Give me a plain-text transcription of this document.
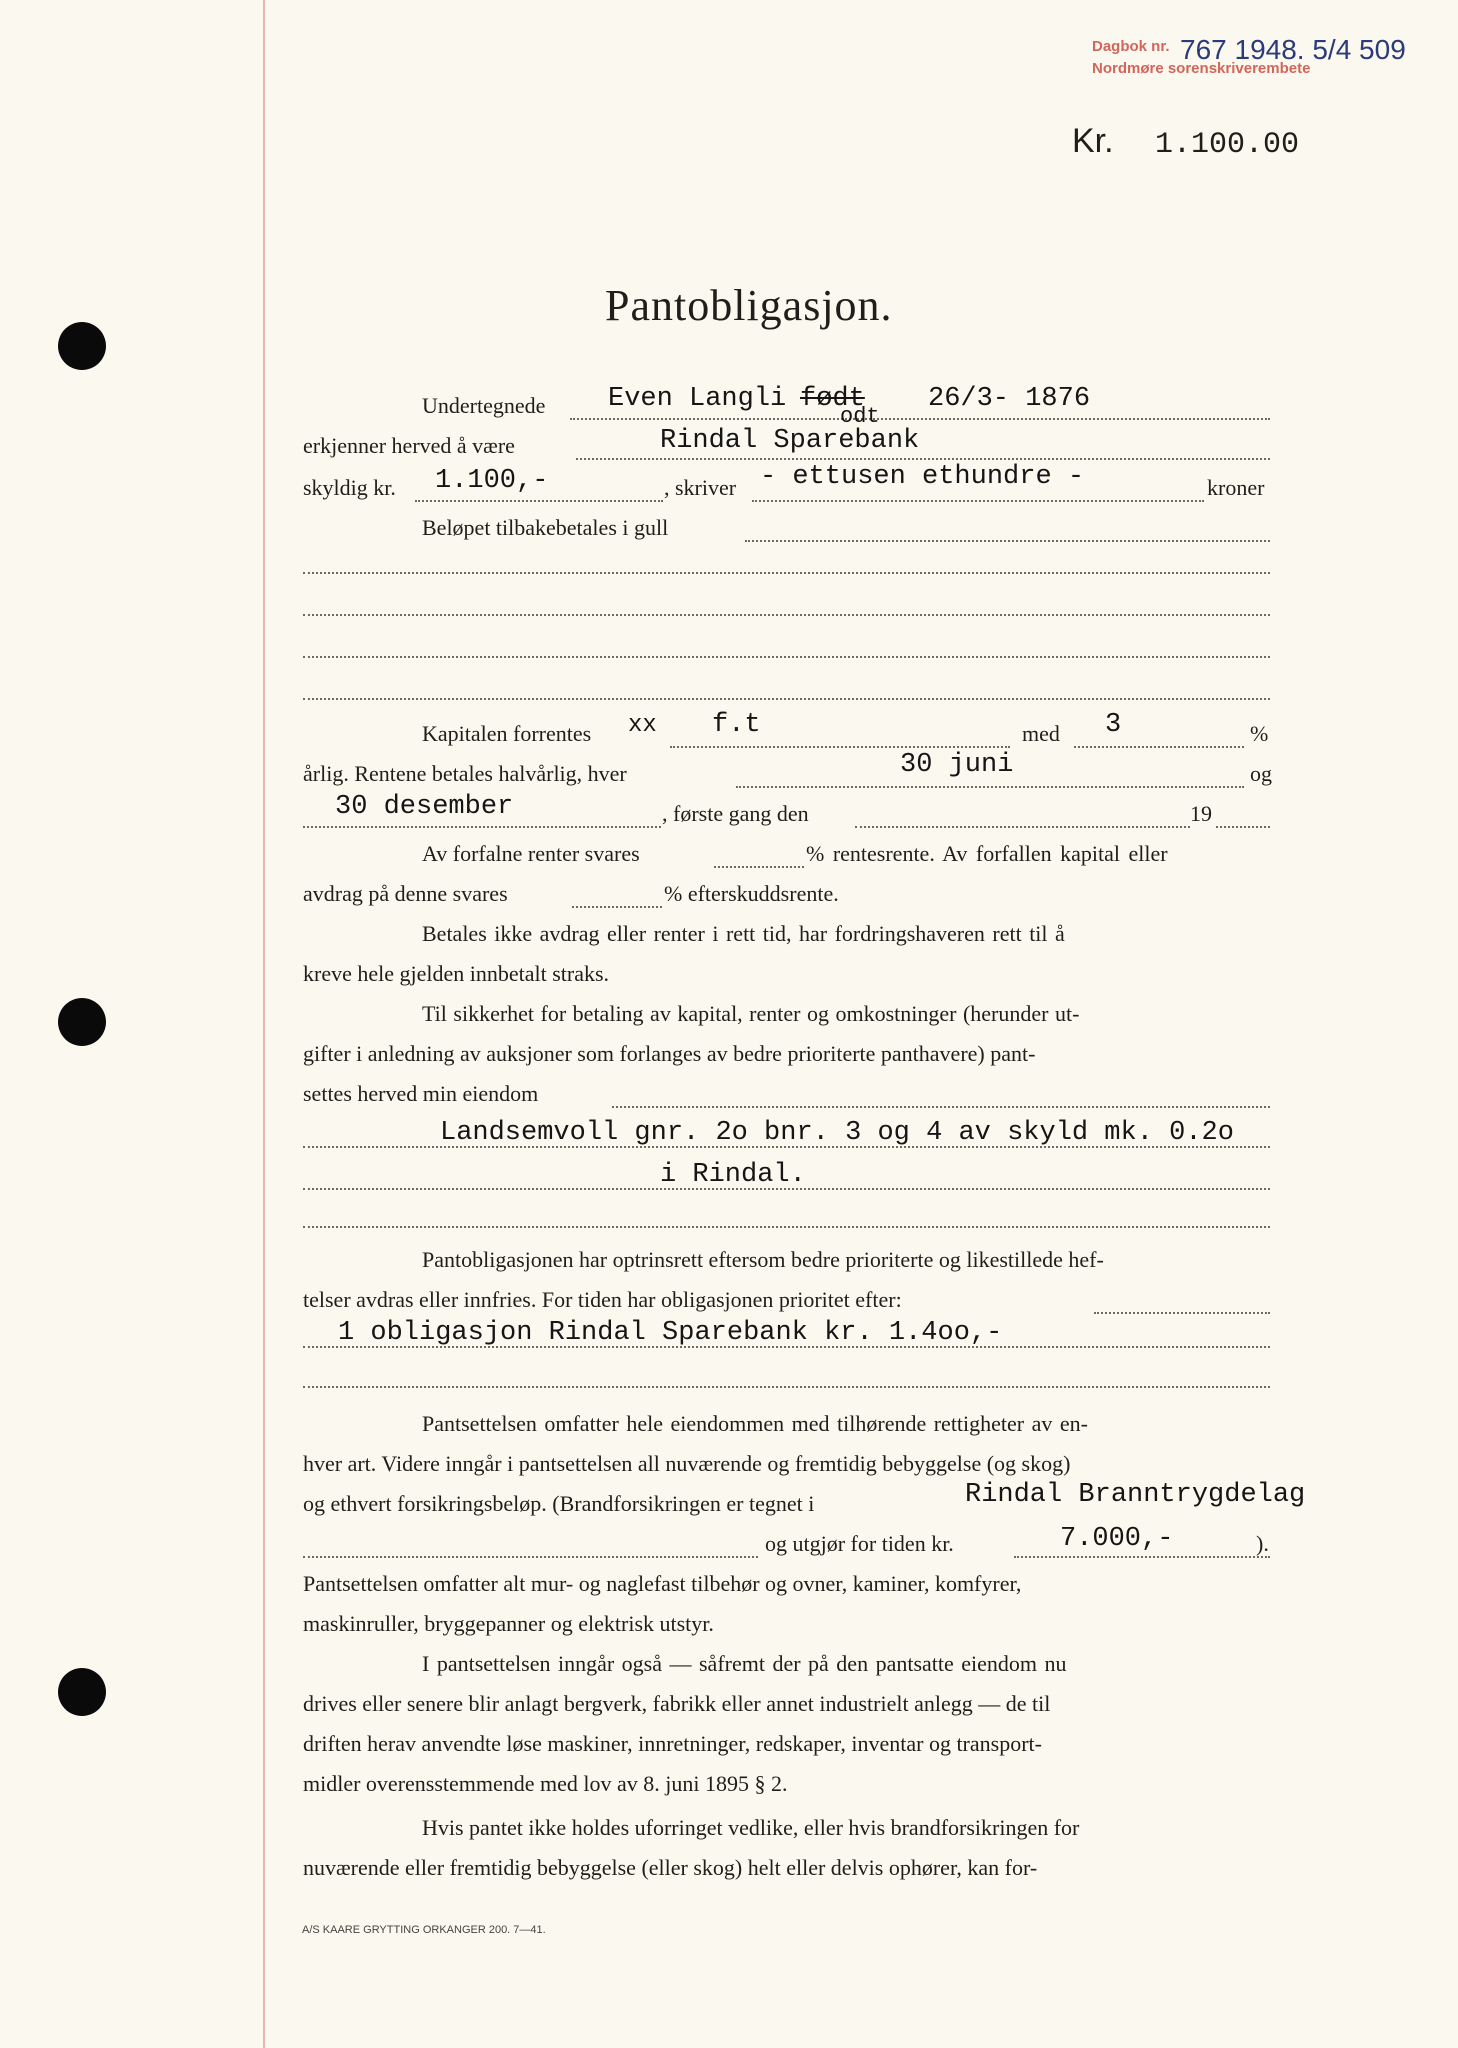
Dagbok nr.
Nordmøre sorenskriverembete
767 1948. 5/4 509
Kr. 1.100.00
Pantobligasjon.
Undertegnede Even Langli født
odt
26/3- 1876
erkjenner herved å være	Rindal Sparebank
skyldig kr. 1.100,-	, skriver - ettusen ethundre -	kroner
Beløpet tilbakebetales i gull
Kapitalen forrentes xx f.t	med 3	%
årlig. Rentene betales halvårlig, hver	30 juni	og
30 desember	, første gang den	19
Av forfalne renter svares	% rentesrente. Av forfallen kapital eller
avdrag på denne svares	% efterskuddsrente.
Betales ikke avdrag eller renter i rett tid, har fordringshaveren rett til å
kreve hele gjelden innbetalt straks.
Til sikkerhet for betaling av kapital, renter og omkostninger (herunder ut-
gifter i anledning av auksjoner som forlanges av bedre prioriterte panthavere) pant-
settes herved min eiendom
Landsemvoll gnr. 2o bnr. 3 og 4 av skyld mk. 0.2o
i Rindal.
Pantobligasjonen har optrinsrett eftersom bedre prioriterte og likestillede hef-
telser avdras eller innfries. For tiden har obligasjonen prioritet efter:
1 obligasjon Rindal Sparebank kr. 1.4oo,-
Pantsettelsen omfatter hele eiendommen med tilhørende rettigheter av en-
hver art. Videre inngår i pantsettelsen all nuværende og fremtidig bebyggelse (og skog)
og ethvert forsikringsbeløp. (Brandforsikringen er tegnet i	Rindal Branntrygdelag
og utgjør for tiden kr.	7.000,-	).
Pantsettelsen omfatter alt mur- og naglefast tilbehør og ovner, kaminer, komfyrer,
maskinruller, bryggepanner og elektrisk utstyr.
I pantsettelsen inngår også — såfremt der på den pantsatte eiendom nu
drives eller senere blir anlagt bergverk, fabrikk eller annet industrielt anlegg — de til
driften herav anvendte løse maskiner, innretninger, redskaper, inventar og transport-
midler overensstemmende med lov av 8. juni 1895 § 2.
Hvis pantet ikke holdes uforringet vedlike, eller hvis brandforsikringen for
nuværende eller fremtidig bebyggelse (eller skog) helt eller delvis ophører, kan for-
A/S KAARE GRYTTING ORKANGER 200. 7—41.
